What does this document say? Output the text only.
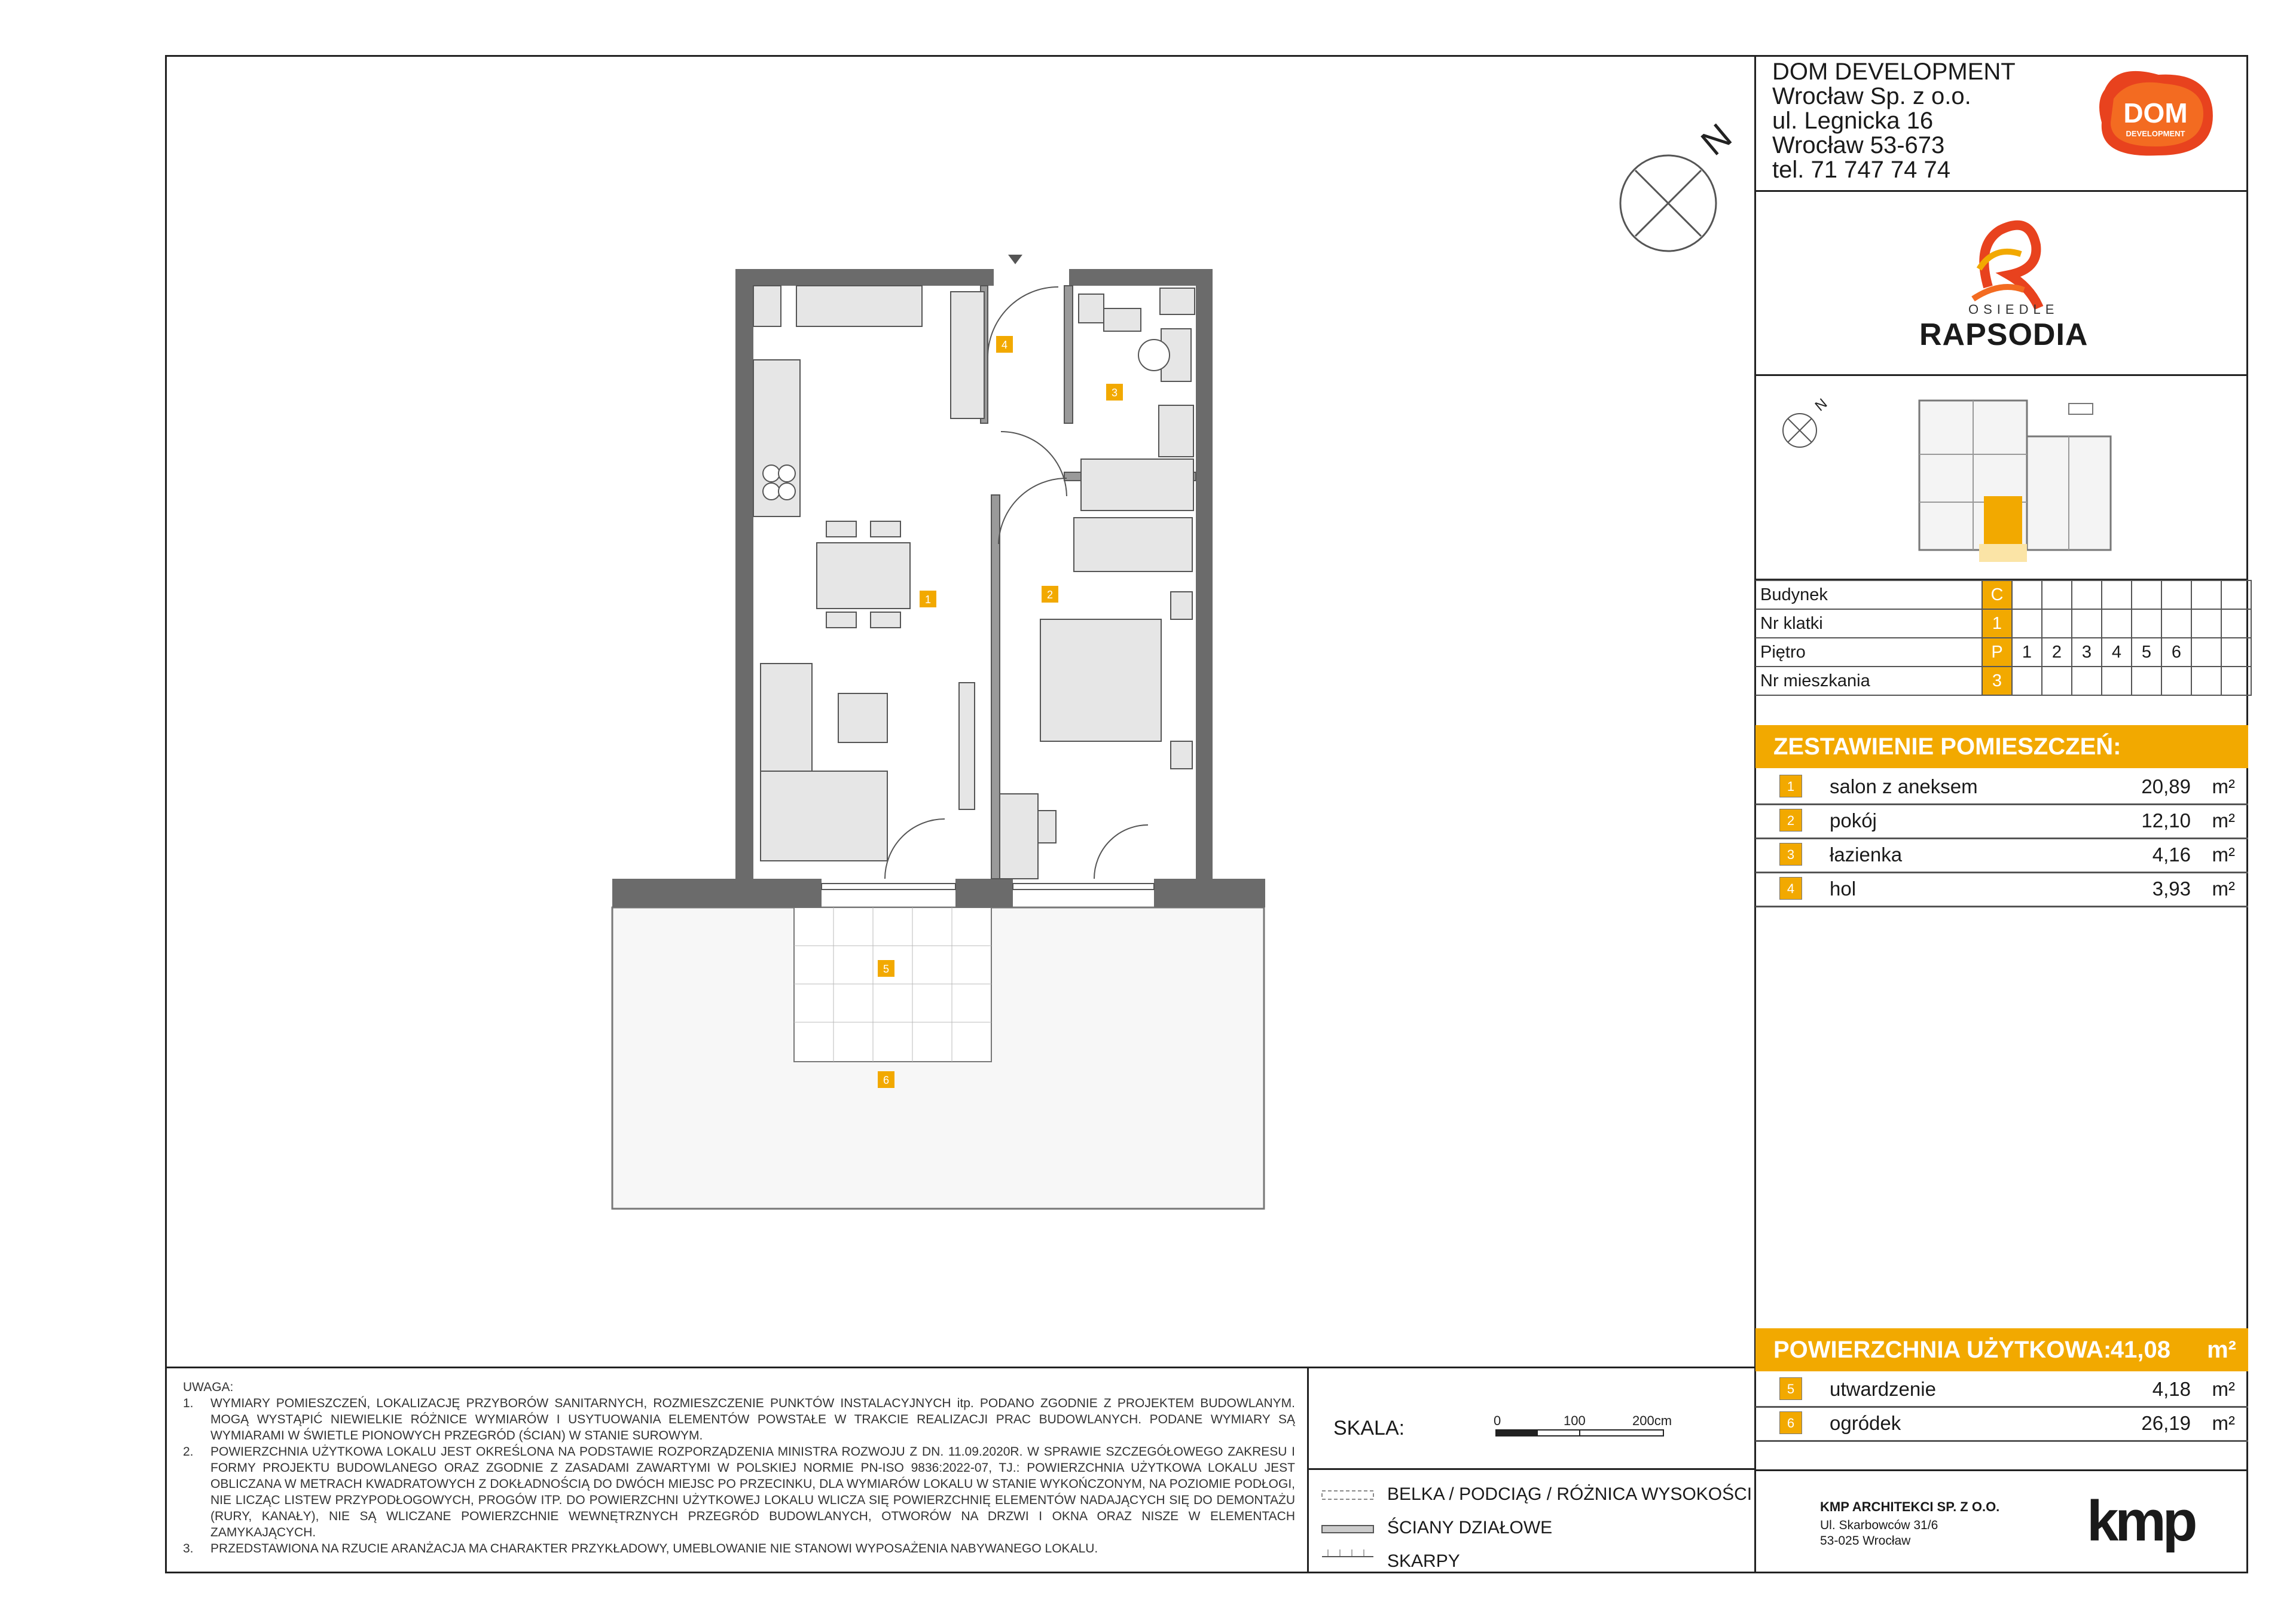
DOM DEVELOPMENT
Wrocław Sp. z o.o.
ul. Legnicka 16
Wrocław 53-673
tel. 71 747 74 74
DOM
DEVELOPMENT
OSIEDLE
RAPSODIA
N
N
Budynek	C								
Nr klatki	1								
Piętro	P	1	2	3	4	5	6		
Nr mieszkania	3								
ZESTAWIENIE POMIESZCZEŃ:
1	salon z aneksem	20,89 m²
2	pokój	12,10 m²
3	łazienka	4,16 m²
4	hol	3,93 m²
POWIERZCHNIA UŻYTKOWA:
41,08 m²
5	utwardzenie	4,18 m²
6	ogródek	26,19 m²
KMP ARCHITEKCI SP. Z O.O.
Ul. Skarbowców 31/6
53-025 Wrocław	kmp
UWAGA:
1. WYMIARY POMIESZCZEŃ, LOKALIZACJĘ PRZYBORÓW SANITARNYCH, ROZMIESZCZENIE PUNKTÓW INSTALACYJNYCH itp. PODANO ZGODNIE Z PROJEKTEM BUDOWLANYM. MOGĄ WYSTĄPIĆ NIEWIELKIE RÓŻNICE WYMIARÓW I USYTUOWANIA ELEMENTÓW POWSTAŁE W TRAKCIE REALIZACJI PRAC BUDOWLANYCH. PODANE WYMIARY SĄ WYMIARAMI W ŚWIETLE PIONOWYCH PRZEGRÓD (ŚCIAN) W STANIE SUROWYM.
2. POWIERZCHNIA UŻYTKOWA LOKALU JEST OKREŚLONA NA PODSTAWIE ROZPORZĄDZENIA MINISTRA ROZWOJU Z DN. 11.09.2020R. W SPRAWIE SZCZEGÓŁOWEGO ZAKRESU I FORMY PROJEKTU BUDOWLANEGO ORAZ ZGODNIE Z ZASADAMI ZAWARTYMI W POLSKIEJ NORMIE PN-ISO 9836:2022-07, TJ.: POWIERZCHNIA UŻYTKOWA LOKALU JEST OBLICZANA W METRACH KWADRATOWYCH Z DOKŁADNOŚCIĄ DO DWÓCH MIEJSC PO PRZECINKU, DLA WYMIARÓW LOKALU W STANIE WYKOŃCZONYM, NA POZIOMIE PODŁOGI, NIE LICZĄC LISTEW PRZYPODŁOGOWYCH, PROGÓW ITP. DO POWIERZCHNI UŻYTKOWEJ LOKALU WLICZA SIĘ POWIERZCHNIĘ ELEMENTÓW NADAJĄCYCH SIĘ DO DEMONTAŻU (RURY, KANAŁY), NIE SĄ WLICZANE POWIERZCHNIE WEWNĘTRZNYCH PRZEGRÓD BUDOWLANYCH, OTWORÓW NA DRZWI I OKNA ORAZ NISZE W ELEMENTACH ZAMYKAJĄCYCH.
3. PRZEDSTAWIONA NA RZUCIE ARANŻACJA MA CHARAKTER PRZYKŁADOWY, UMEBLOWANIE NIE STANOWI WYPOSAŻENIA NABYWANEGO LOKALU.
SKALA:	0	100	200cm
BELKA / PODCIĄG / RÓŻNICA WYSOKOŚCI
ŚCIANY DZIAŁOWE
SKARPY
1	2
3
4
5
6
